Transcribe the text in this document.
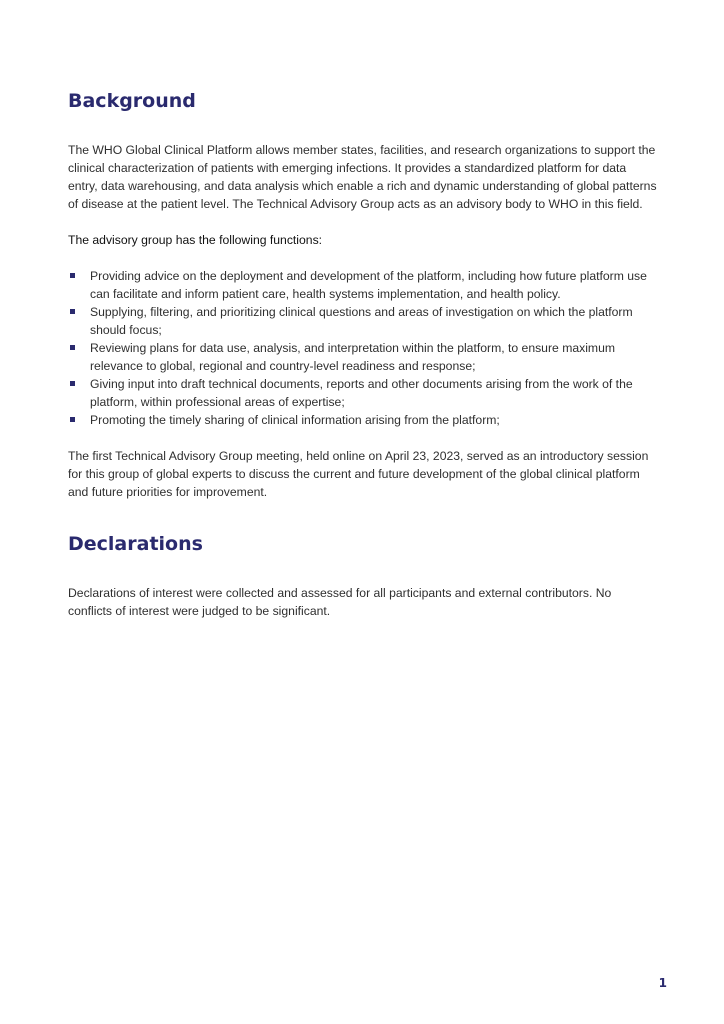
Background

The WHO Global Clinical Platform allows member states, facilities, and research organizations to support the clinical characterization of patients with emerging infections. It provides a standardized platform for data entry, data warehousing, and data analysis which enable a rich and dynamic understanding of global patterns of disease at the patient level. The Technical Advisory Group acts as an advisory body to WHO in this field.

The advisory group has the following functions:

Providing advice on the deployment and development of the platform, including how future platform use can facilitate and inform patient care, health systems implementation, and health policy.
Supplying, filtering, and prioritizing clinical questions and areas of investigation on which the platform should focus;
Reviewing plans for data use, analysis, and interpretation within the platform, to ensure maximum relevance to global, regional and country-level readiness and response;
Giving input into draft technical documents, reports and other documents arising from the work of the platform, within professional areas of expertise;
Promoting the timely sharing of clinical information arising from the platform;

The first Technical Advisory Group meeting, held online on April 23, 2023, served as an introductory session for this group of global experts to discuss the current and future development of the global clinical platform and future priorities for improvement.

Declarations

Declarations of interest were collected and assessed for all participants and external contributors. No conflicts of interest were judged to be significant.

1
